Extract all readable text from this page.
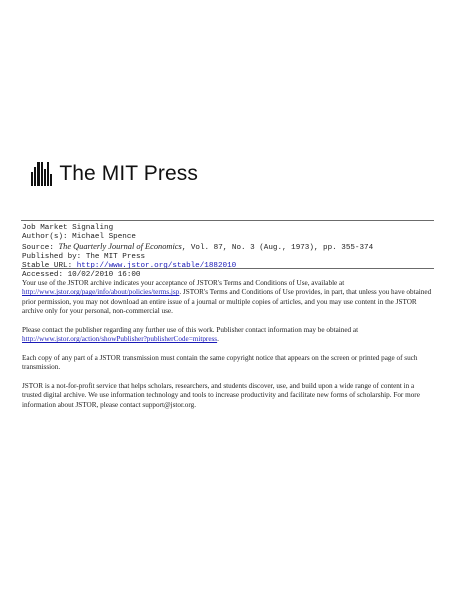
The MIT Press
Job Market Signaling
Author(s): Michael Spence
Source: The Quarterly Journal of Economics, Vol. 87, No. 3 (Aug., 1973), pp. 355-374
Published by: The MIT Press
Stable URL: http://www.jstor.org/stable/1882010
Accessed: 10/02/2010 16:00

Your use of the JSTOR archive indicates your acceptance of JSTOR's Terms and Conditions of Use, available at http://www.jstor.org/page/info/about/policies/terms.jsp. JSTOR's Terms and Conditions of Use provides, in part, that unless you have obtained prior permission, you may not download an entire issue of a journal or multiple copies of articles, and you may use content in the JSTOR archive only for your personal, non-commercial use.

Please contact the publisher regarding any further use of this work. Publisher contact information may be obtained at http://www.jstor.org/action/showPublisher?publisherCode=mitpress.

Each copy of any part of a JSTOR transmission must contain the same copyright notice that appears on the screen or printed page of such transmission.

JSTOR is a not-for-profit service that helps scholars, researchers, and students discover, use, and build upon a wide range of content in a trusted digital archive. We use information technology and tools to increase productivity and facilitate new forms of scholarship. For more information about JSTOR, please contact support@jstor.org.
